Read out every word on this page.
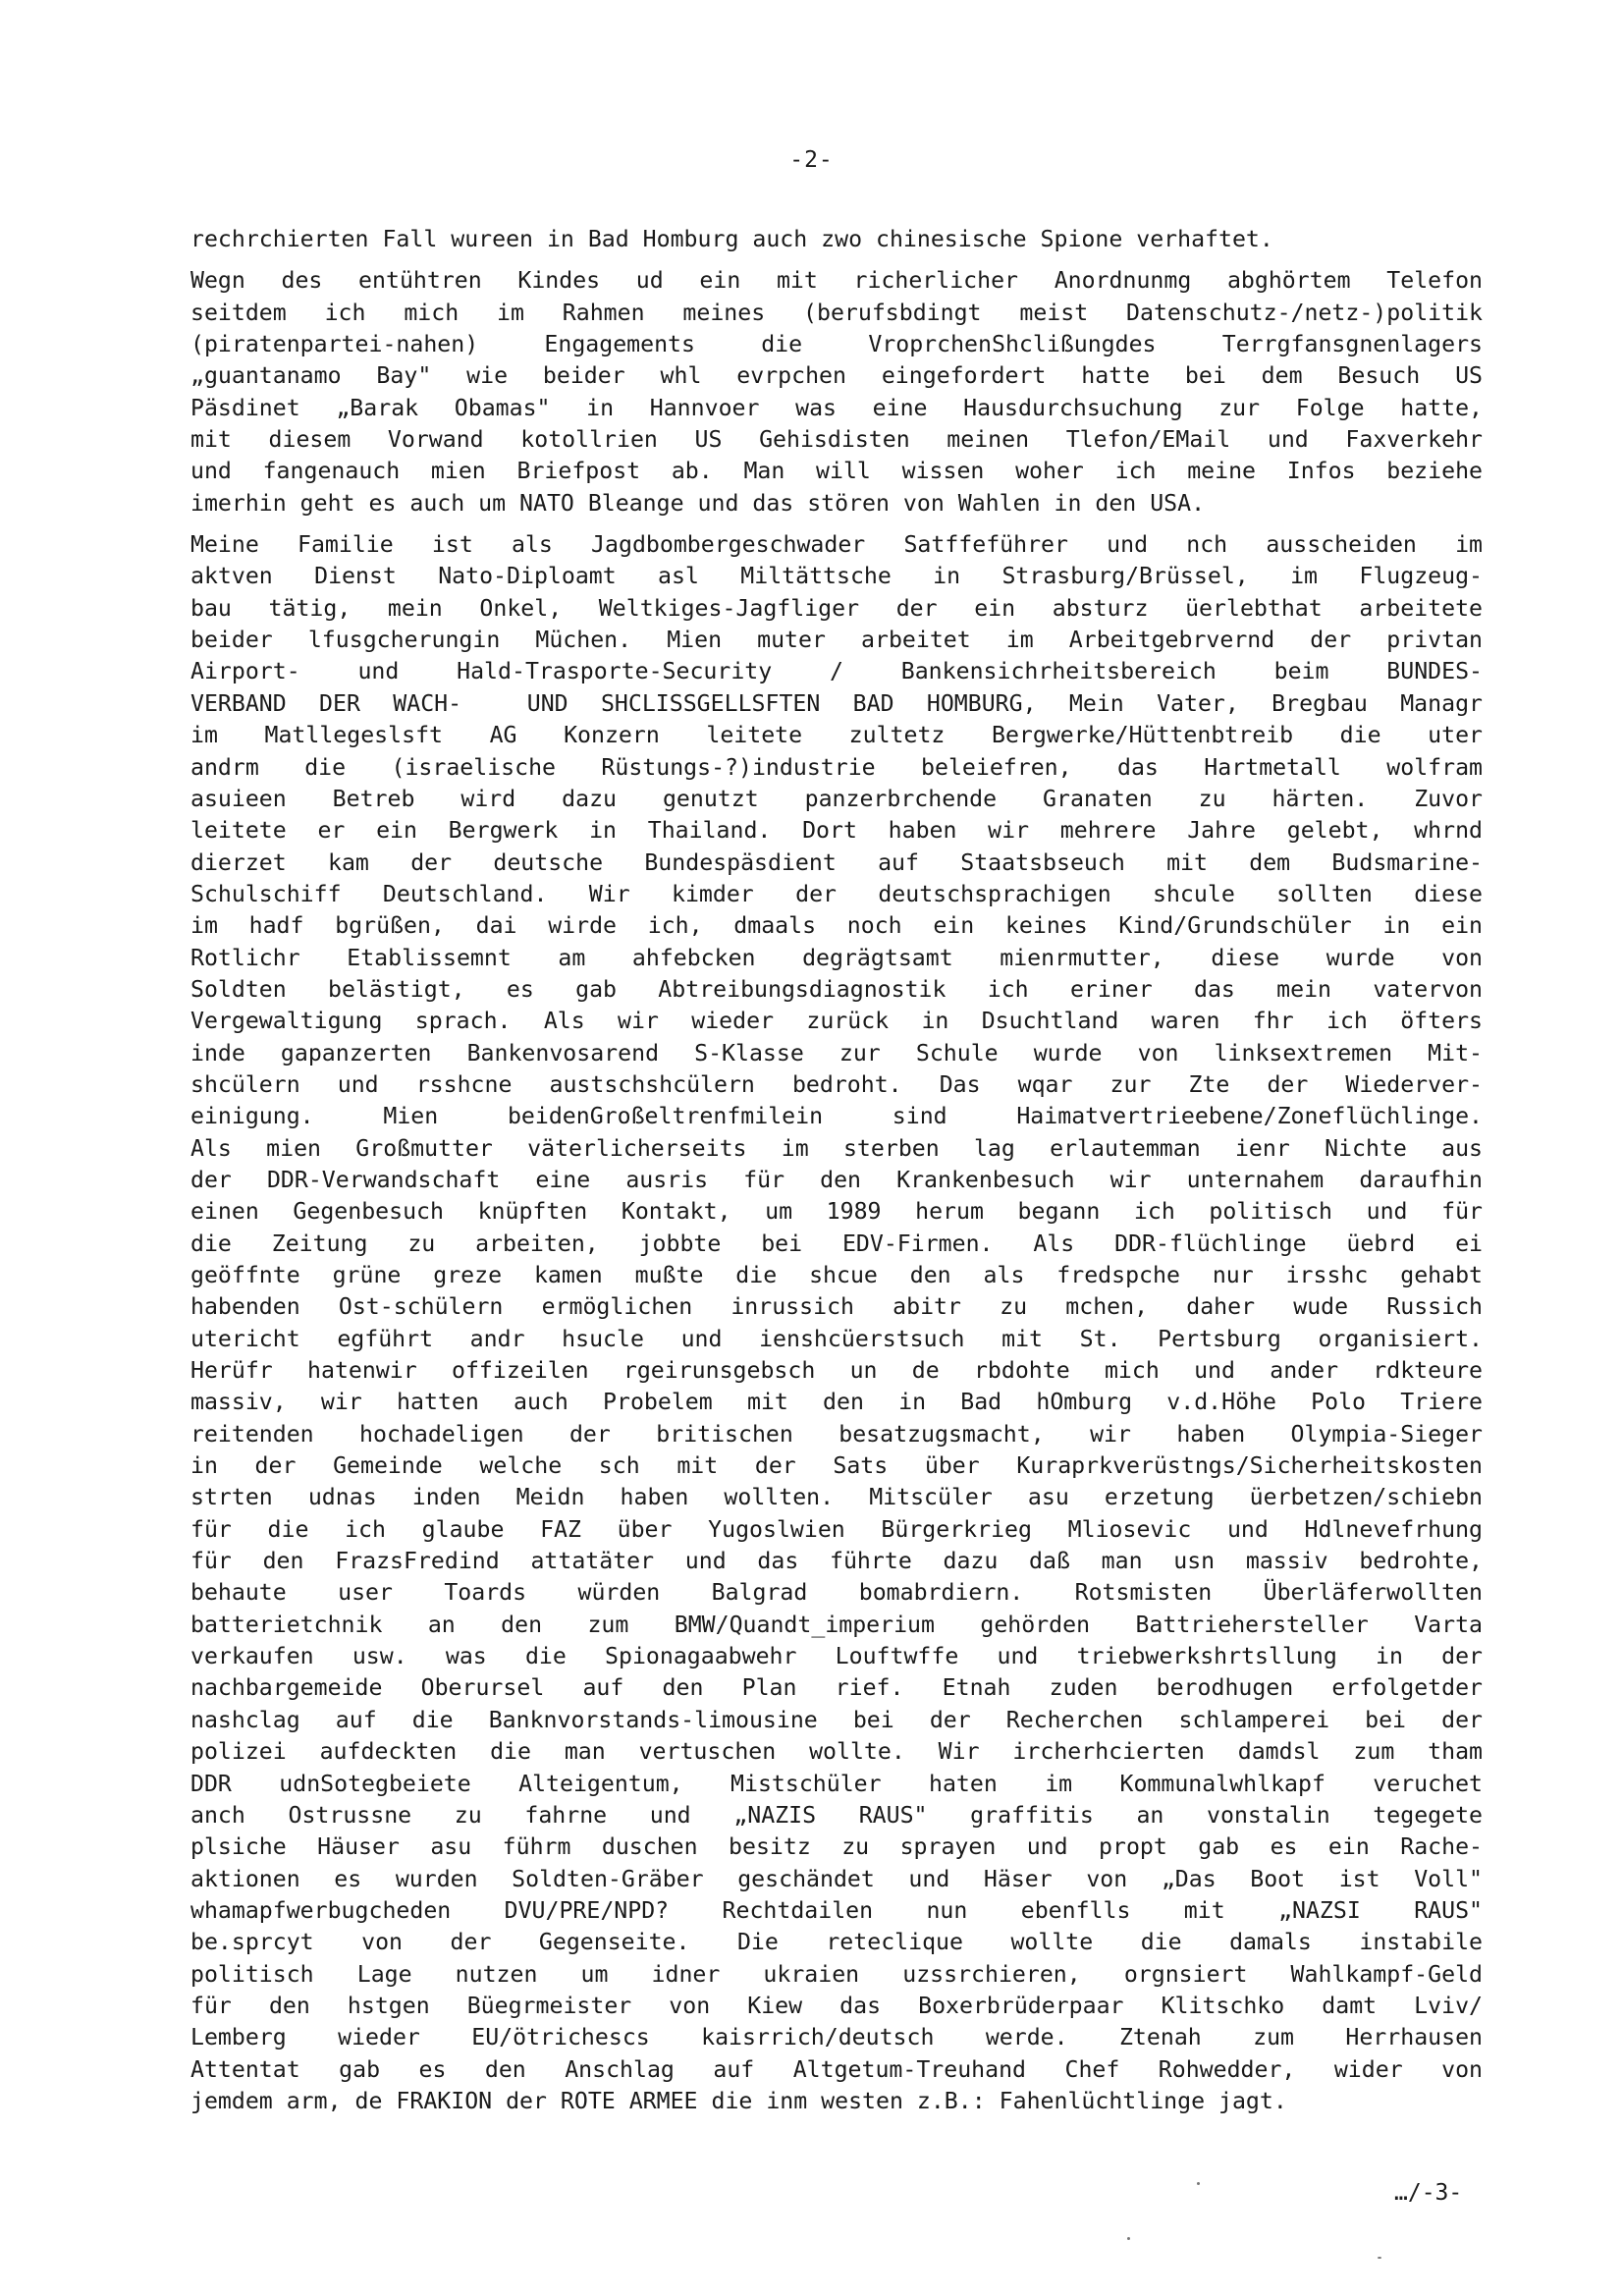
-2-
rechrchierten Fall wureen in Bad Homburg auch zwo chinesische Spione verhaftet.
Wegn des entühtren Kindes ud ein mit richerlicher Anordnunmg abghörtem Telefon
seitdem ich mich im Rahmen meines (berufsbdingt meist Datenschutz-/netz-)politik
(piratenpartei-nahen) Engagements die VroprchenShclißungdes Terrgfansgnenlagers
„guantanamo Bay" wie beider whl evrpchen eingefordert hatte bei dem Besuch US
Päsdinet „Barak Obamas" in Hannvoer was eine Hausdurchsuchung zur Folge hatte,
mit diesem Vorwand kotollrien US Gehisdisten meinen Tlefon/EMail und Faxverkehr
und fangenauch mien Briefpost ab. Man will wissen woher ich meine Infos beziehe
imerhin geht es auch um NATO Bleange und das stören von Wahlen in den USA.
Meine Familie ist als Jagdbombergeschwader Satffeführer und nch ausscheiden im
aktven Dienst Nato-Diploamt asl Miltättsche in Strasburg/Brüssel, im Flugzeug-
bau tätig, mein Onkel, Weltkiges-Jagfliger der ein absturz üerlebthat arbeitete
beider lfusgcherungin Müchen. Mien muter arbeitet im Arbeitgebrvernd der privtan
Airport- und Hald-Trasporte-Security / Bankensichrheitsbereich beim BUNDES-
VERBAND DER WACH-  UND SHCLISSGELLSFTEN BAD HOMBURG, Mein Vater, Bregbau Managr
im Matllegeslsft AG Konzern leitete zultetz Bergwerke/Hüttenbtreib die uter
andrm die (israelische Rüstungs-?)industrie beleiefren, das Hartmetall wolfram
asuieen Betreb wird dazu genutzt panzerbrchende Granaten zu härten. Zuvor
leitete er ein Bergwerk in Thailand. Dort haben wir mehrere Jahre gelebt, whrnd
dierzet kam der deutsche Bundespäsdient auf Staatsbseuch mit dem Budsmarine-
Schulschiff Deutschland. Wir kimder der deutschsprachigen shcule sollten diese
im hadf bgrüßen, dai wirde ich, dmaals noch ein keines Kind/Grundschüler in ein
Rotlichr Etablissemnt am ahfebcken degrägtsamt mienrmutter, diese wurde von
Soldten belästigt, es gab Abtreibungsdiagnostik ich eriner das mein vatervon
Vergewaltigung sprach. Als wir wieder zurück in Dsuchtland waren fhr ich öfters
inde gapanzerten Bankenvosarend S-Klasse zur Schule wurde von linksextremen Mit-
shcülern und rsshcne austschshcülern bedroht. Das wqar zur Zte der Wiederver-
einigung. Mien beidenGroßeltrenfmilein sind Haimatvertrieebene/Zoneflüchlinge.
Als mien Großmutter väterlicherseits im sterben lag erlautemman ienr Nichte aus
der DDR-Verwandschaft eine ausris für den Krankenbesuch wir unternahem daraufhin
einen Gegenbesuch knüpften Kontakt, um 1989 herum begann ich politisch und für
die Zeitung zu arbeiten, jobbte bei EDV-Firmen. Als DDR-flüchlinge üebrd ei
geöffnte grüne greze kamen mußte die shcue den als fredspche nur irsshc gehabt
habenden Ost-schülern ermöglichen inrussich abitr zu mchen, daher wude Russich
utericht egführt andr hsucle und ienshcüerstsuch mit St. Pertsburg organisiert.
Herüfr hatenwir offizeilen rgeirunsgebsch un de rbdohte mich und ander rdkteure
massiv, wir hatten auch Probelem mit den in Bad hOmburg v.d.Höhe Polo Triere
reitenden hochadeligen der britischen besatzugsmacht, wir haben Olympia-Sieger
in der Gemeinde welche sch mit der Sats über Kuraprkverüstngs/Sicherheitskosten
strten udnas inden Meidn haben wollten. Mitscüler asu erzetung üerbetzen/schiebn
für die ich glaube FAZ über Yugoslwien Bürgerkrieg Mliosevic und Hdlnevefrhung
für den FrazsFredind attatäter und das führte dazu daß man usn massiv bedrohte,
behaute user Toards würden Balgrad bomabrdiern. Rotsmisten Überläferwollten
batterietchnik an den zum BMW/Quandt_imperium gehörden Battriehersteller Varta
verkaufen usw. was die Spionagaabwehr Louftwffe und triebwerkshrtsllung in der
nachbargemeide Oberursel auf den Plan rief. Etnah zuden berodhugen erfolgetder
nashclag auf die Banknvorstands-limousine bei der Recherchen schlamperei bei der
polizei aufdeckten die man vertuschen wollte. Wir ircherhcierten damdsl zum tham
DDR udnSotegbeiete Alteigentum, Mistschüler haten im Kommunalwhlkapf veruchet
anch Ostrussne zu fahrne und „NAZIS RAUS" graffitis an vonstalin tegegete
plsiche Häuser asu führm duschen besitz zu sprayen und propt gab es ein Rache-
aktionen es wurden Soldten-Gräber geschändet und Häser von „Das Boot ist Voll"
whamapfwerbugcheden DVU/PRE/NPD? Rechtdailen nun ebenflls mit „NAZSI RAUS"
be.sprcyt von der Gegenseite. Die reteclique wollte die damals instabile
politisch Lage nutzen um idner ukraien uzssrchieren, orgnsiert Wahlkampf-Geld
für den hstgen Büegrmeister von Kiew das Boxerbrüderpaar Klitschko damt Lviv/
Lemberg wieder EU/ötrichescs kaisrrich/deutsch werde. Ztenah zum Herrhausen
Attentat gab es den Anschlag auf Altgetum-Treuhand Chef Rohwedder, wider von
jemdem arm, de FRAKION der ROTE ARMEE die inm westen z.B.: Fahenlüchtlinge jagt.
…/-3-
